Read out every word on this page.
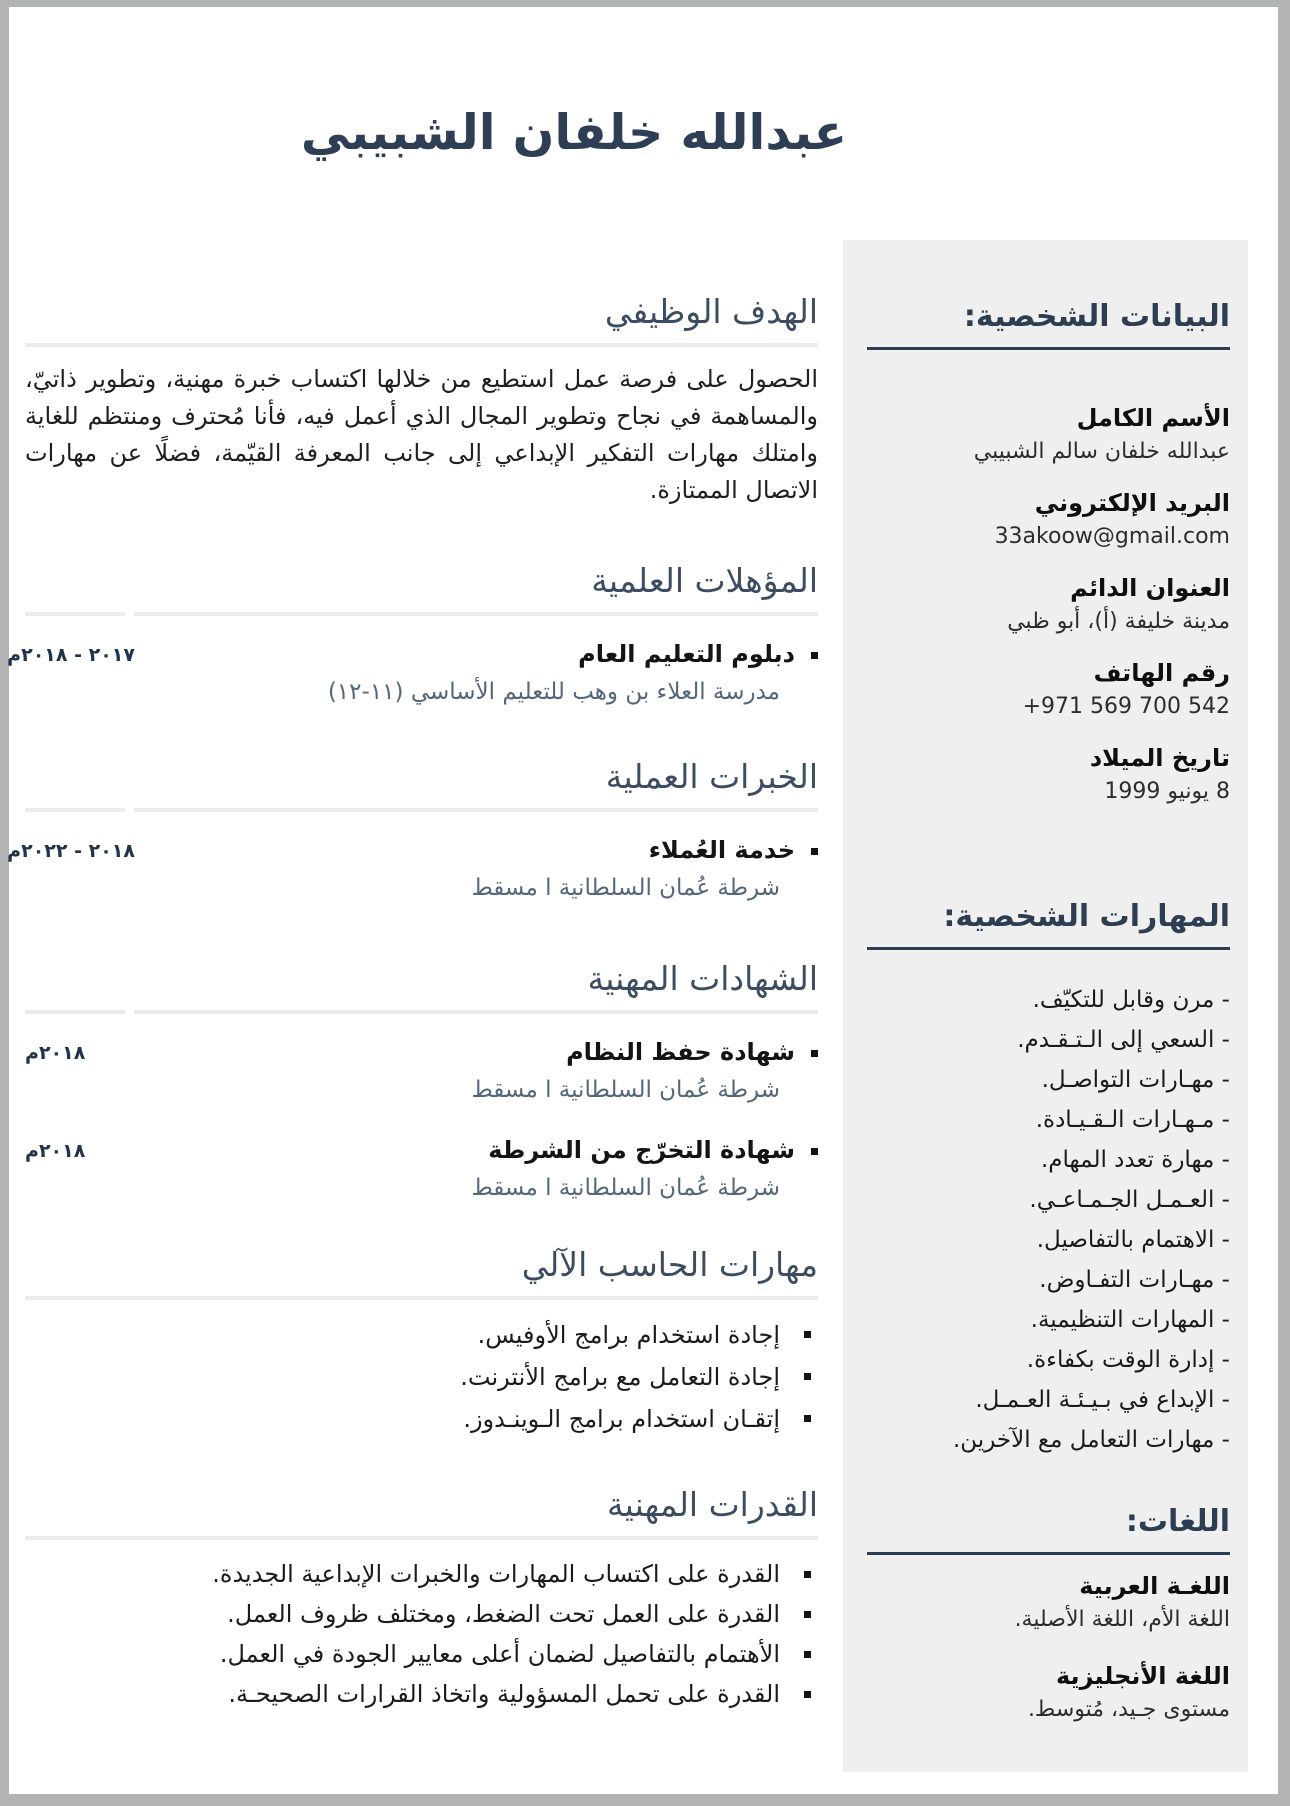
عبدالله خلفان الشبيبي
الهدف الوظيفي

الحصول على فرصة عمل استطيع من خلالها اكتساب خبرة مهنية، وتطوير ذاتيّ، والمساهمة في نجاح وتطوير المجال الذي أعمل فيه، فأنا مُحترف ومنتظم للغاية وامتلك مهارات التفكير الإبداعي إلى جانب المعرفة القيّمة، فضلًا عن مهارات الاتصال الممتازة.

المؤهلات العلمية
دبلوم التعليم العام
مدرسة العلاء بن وهب للتعليم الأساسي (١١-١٢)
٢٠١٧ - ٢٠١٨م
الخبرات العملية
خدمة العُملاء
شرطة عُمان السلطانية ا مسقط
٢٠١٨ - ٢٠٢٢م
الشهادات المهنية
شهادة حفظ النظام
شرطة عُمان السلطانية ا مسقط
٢٠١٨م
شهادة التخرّج من الشرطة
شرطة عُمان السلطانية ا مسقط
٢٠١٨م
مهارات الحاسب الآلي
إجادة استخدام برامج الأوفيس.
إجادة التعامل مع برامج الأنترنت.
إتقـان استخدام برامج الـوينـدوز.
القدرات المهنية
القدرة على اكتساب المهارات والخبرات الإبداعية الجديدة.
القدرة على العمل تحت الضغط، ومختلف ظروف العمل.
الأهتمام بالتفاصيل لضمان أعلى معايير الجودة في العمل.
القدرة على تحمل المسؤولية واتخاذ القرارات الصحيحـة.
البيانات الشخصية:
الأسم الكامل
عبدالله خلفان سالم الشبيبي
البريد الإلكتروني
33akoow@gmail.com
العنوان الدائم
مدينة خليفة (أ)، أبو ظبي
رقم الهاتف
+971 569 700 542
تاريخ الميلاد
8 يونيو 1999
المهارات الشخصية:
- مرن وقابل للتكيّف.
- السعي إلى الـتـقـدم.
- مهـارات التواصـل.
- مـهـارات الـقـيـادة.
- مهارة تعدد المهام.
- العـمـل الجـمـاعـي.
- الاهتمام بالتفاصيل.
- مهـارات التفـاوض.
- المهارات التنظيمية.
- إدارة الوقت بكفاءة.
- الإبداع في بـيـئـة العـمـل.
- مهارات التعامل مع الآخرين.
اللغات:
اللغـة العربية
اللغة الأم، اللغة الأصلية.
اللغة الأنجليزية
مستوى جـيد، مُتوسط.
